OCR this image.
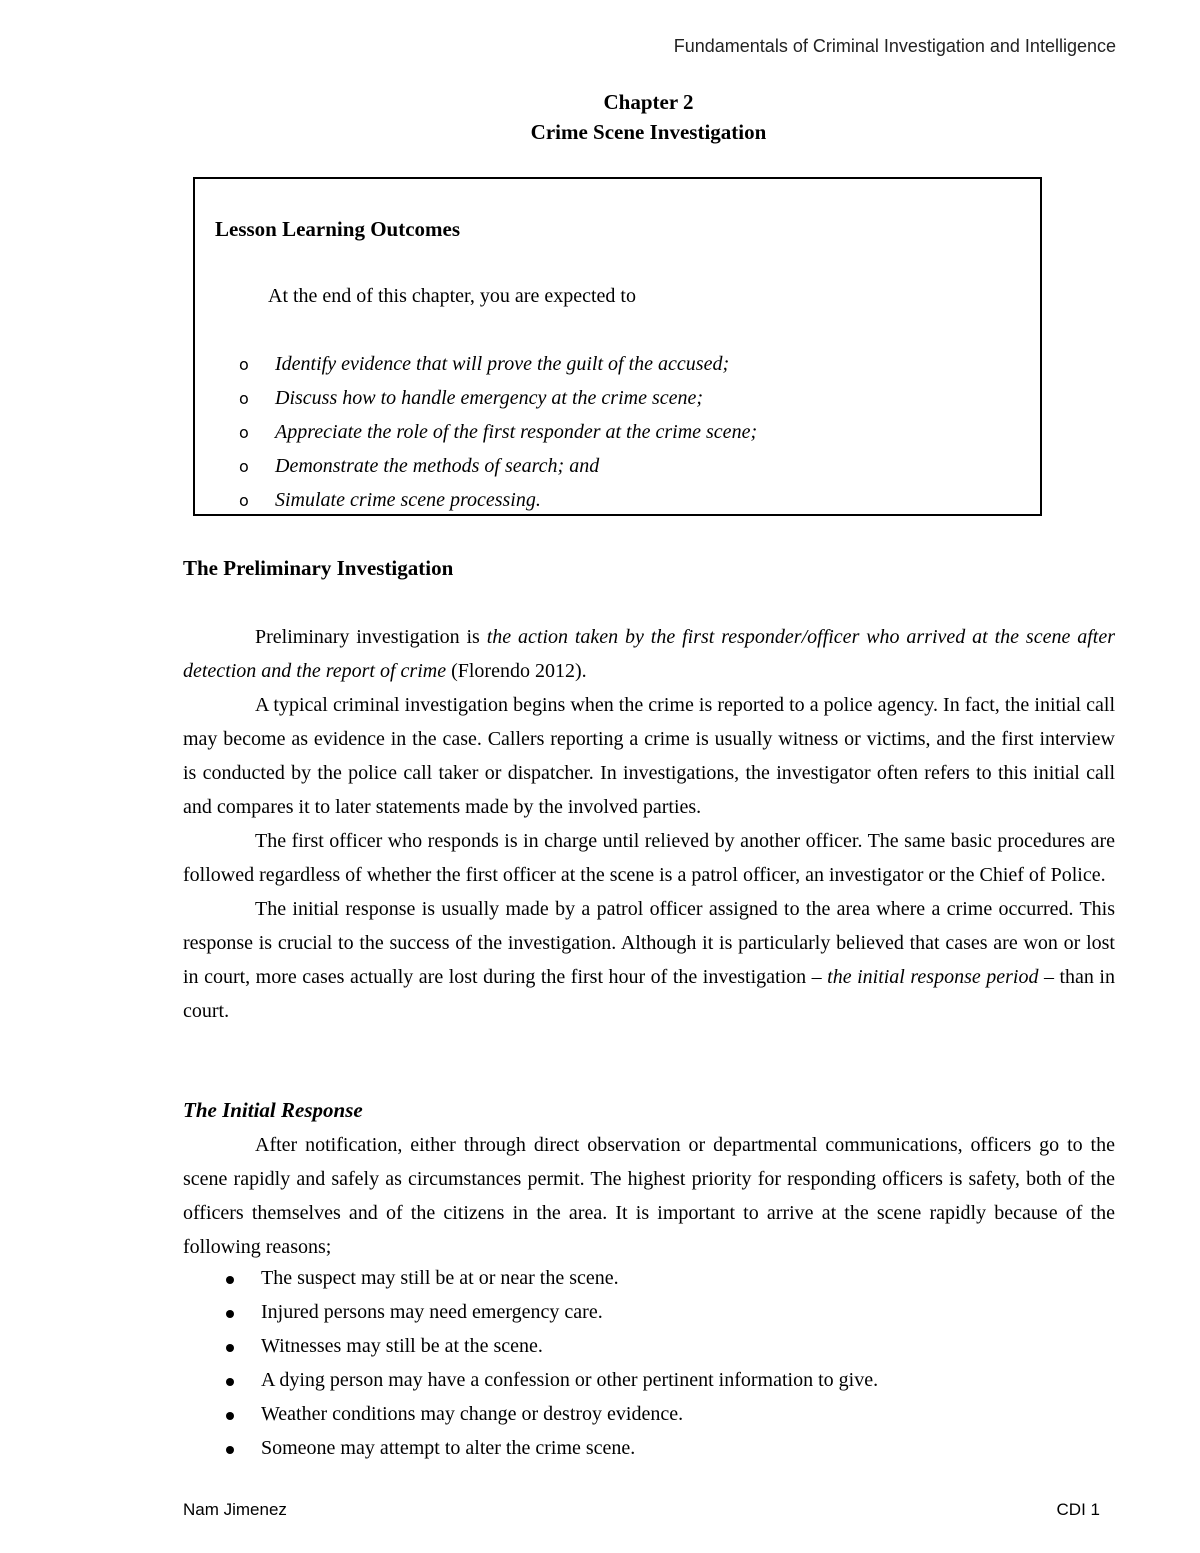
Fundamentals of Criminal Investigation and Intelligence
Chapter 2
Crime Scene Investigation
Lesson Learning Outcomes
At the end of this chapter, you are expected to
o Identify evidence that will prove the guilt of the accused;
o Discuss how to handle emergency at the crime scene;
o Appreciate the role of the first responder at the crime scene;
o Demonstrate the methods of search; and
o Simulate crime scene processing.
The Preliminary Investigation

Preliminary investigation is the action taken by the first responder/officer who arrived at the scene after detection and the report of crime (Florendo 2012).

A typical criminal investigation begins when the crime is reported to a police agency. In fact, the initial call may become as evidence in the case. Callers reporting a crime is usually witness or victims, and the first interview is conducted by the police call taker or dispatcher. In investigations, the investigator often refers to this initial call and compares it to later statements made by the involved parties.

The first officer who responds is in charge until relieved by another officer. The same basic procedures are followed regardless of whether the first officer at the scene is a patrol officer, an investigator or the Chief of Police.

The initial response is usually made by a patrol officer assigned to the area where a crime occurred. This response is crucial to the success of the investigation. Although it is particularly believed that cases are won or lost in court, more cases actually are lost during the first hour of the investigation – the initial response period – than in court.

The Initial Response

After notification, either through direct observation or departmental communications, officers go to the scene rapidly and safely as circumstances permit. The highest priority for responding officers is safety, both of the officers themselves and of the citizens in the area. It is important to arrive at the scene rapidly because of the following reasons;

The suspect may still be at or near the scene.
Injured persons may need emergency care.
Witnesses may still be at the scene.
A dying person may have a confession or other pertinent information to give.
Weather conditions may change or destroy evidence.
Someone may attempt to alter the crime scene.
Nam Jimenez	CDI 1
